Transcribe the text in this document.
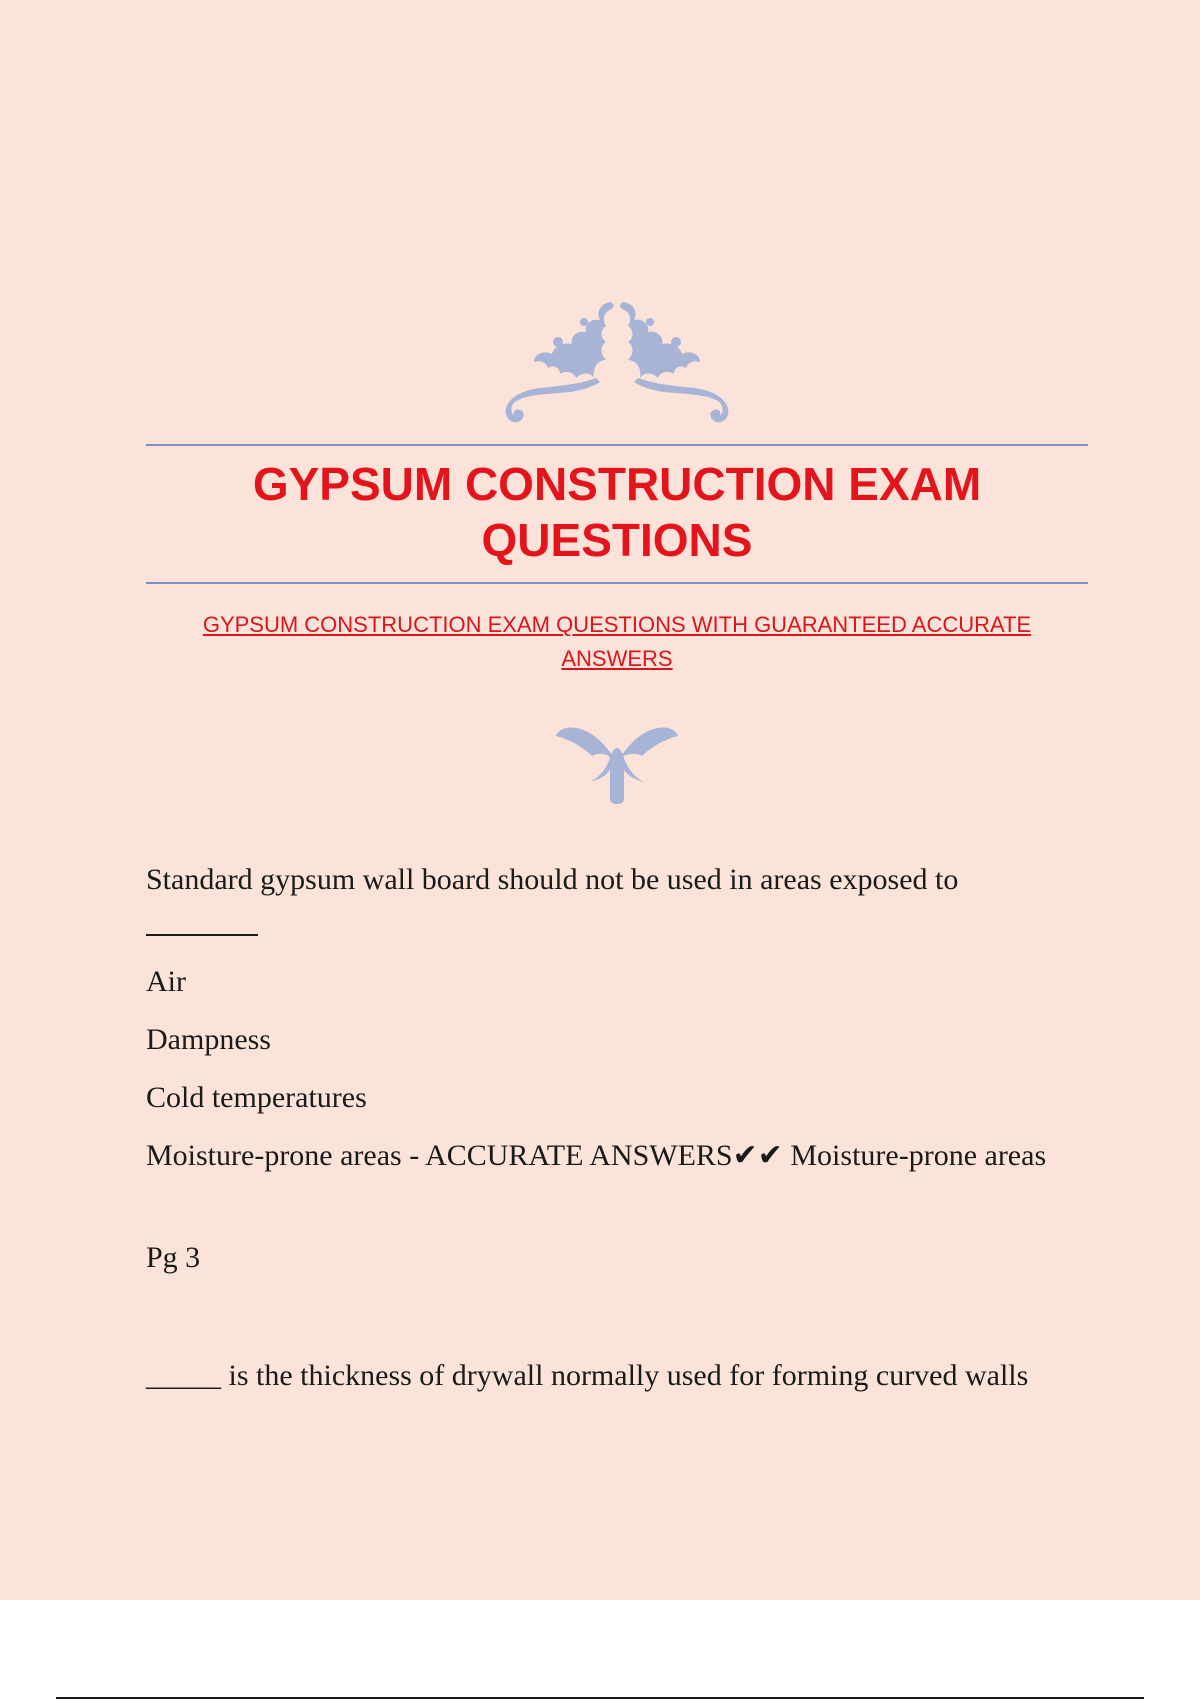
GYPSUM CONSTRUCTION EXAM QUESTIONS

GYPSUM CONSTRUCTION EXAM QUESTIONS WITH GUARANTEED ACCURATE ANSWERS

Standard gypsum wall board should not be used in areas exposed to

Air

Dampness

Cold temperatures

Moisture-prone areas - ACCURATE ANSWERS✔✔ Moisture-prone areas

Pg 3

_____ is the thickness of drywall normally used for forming curved walls
